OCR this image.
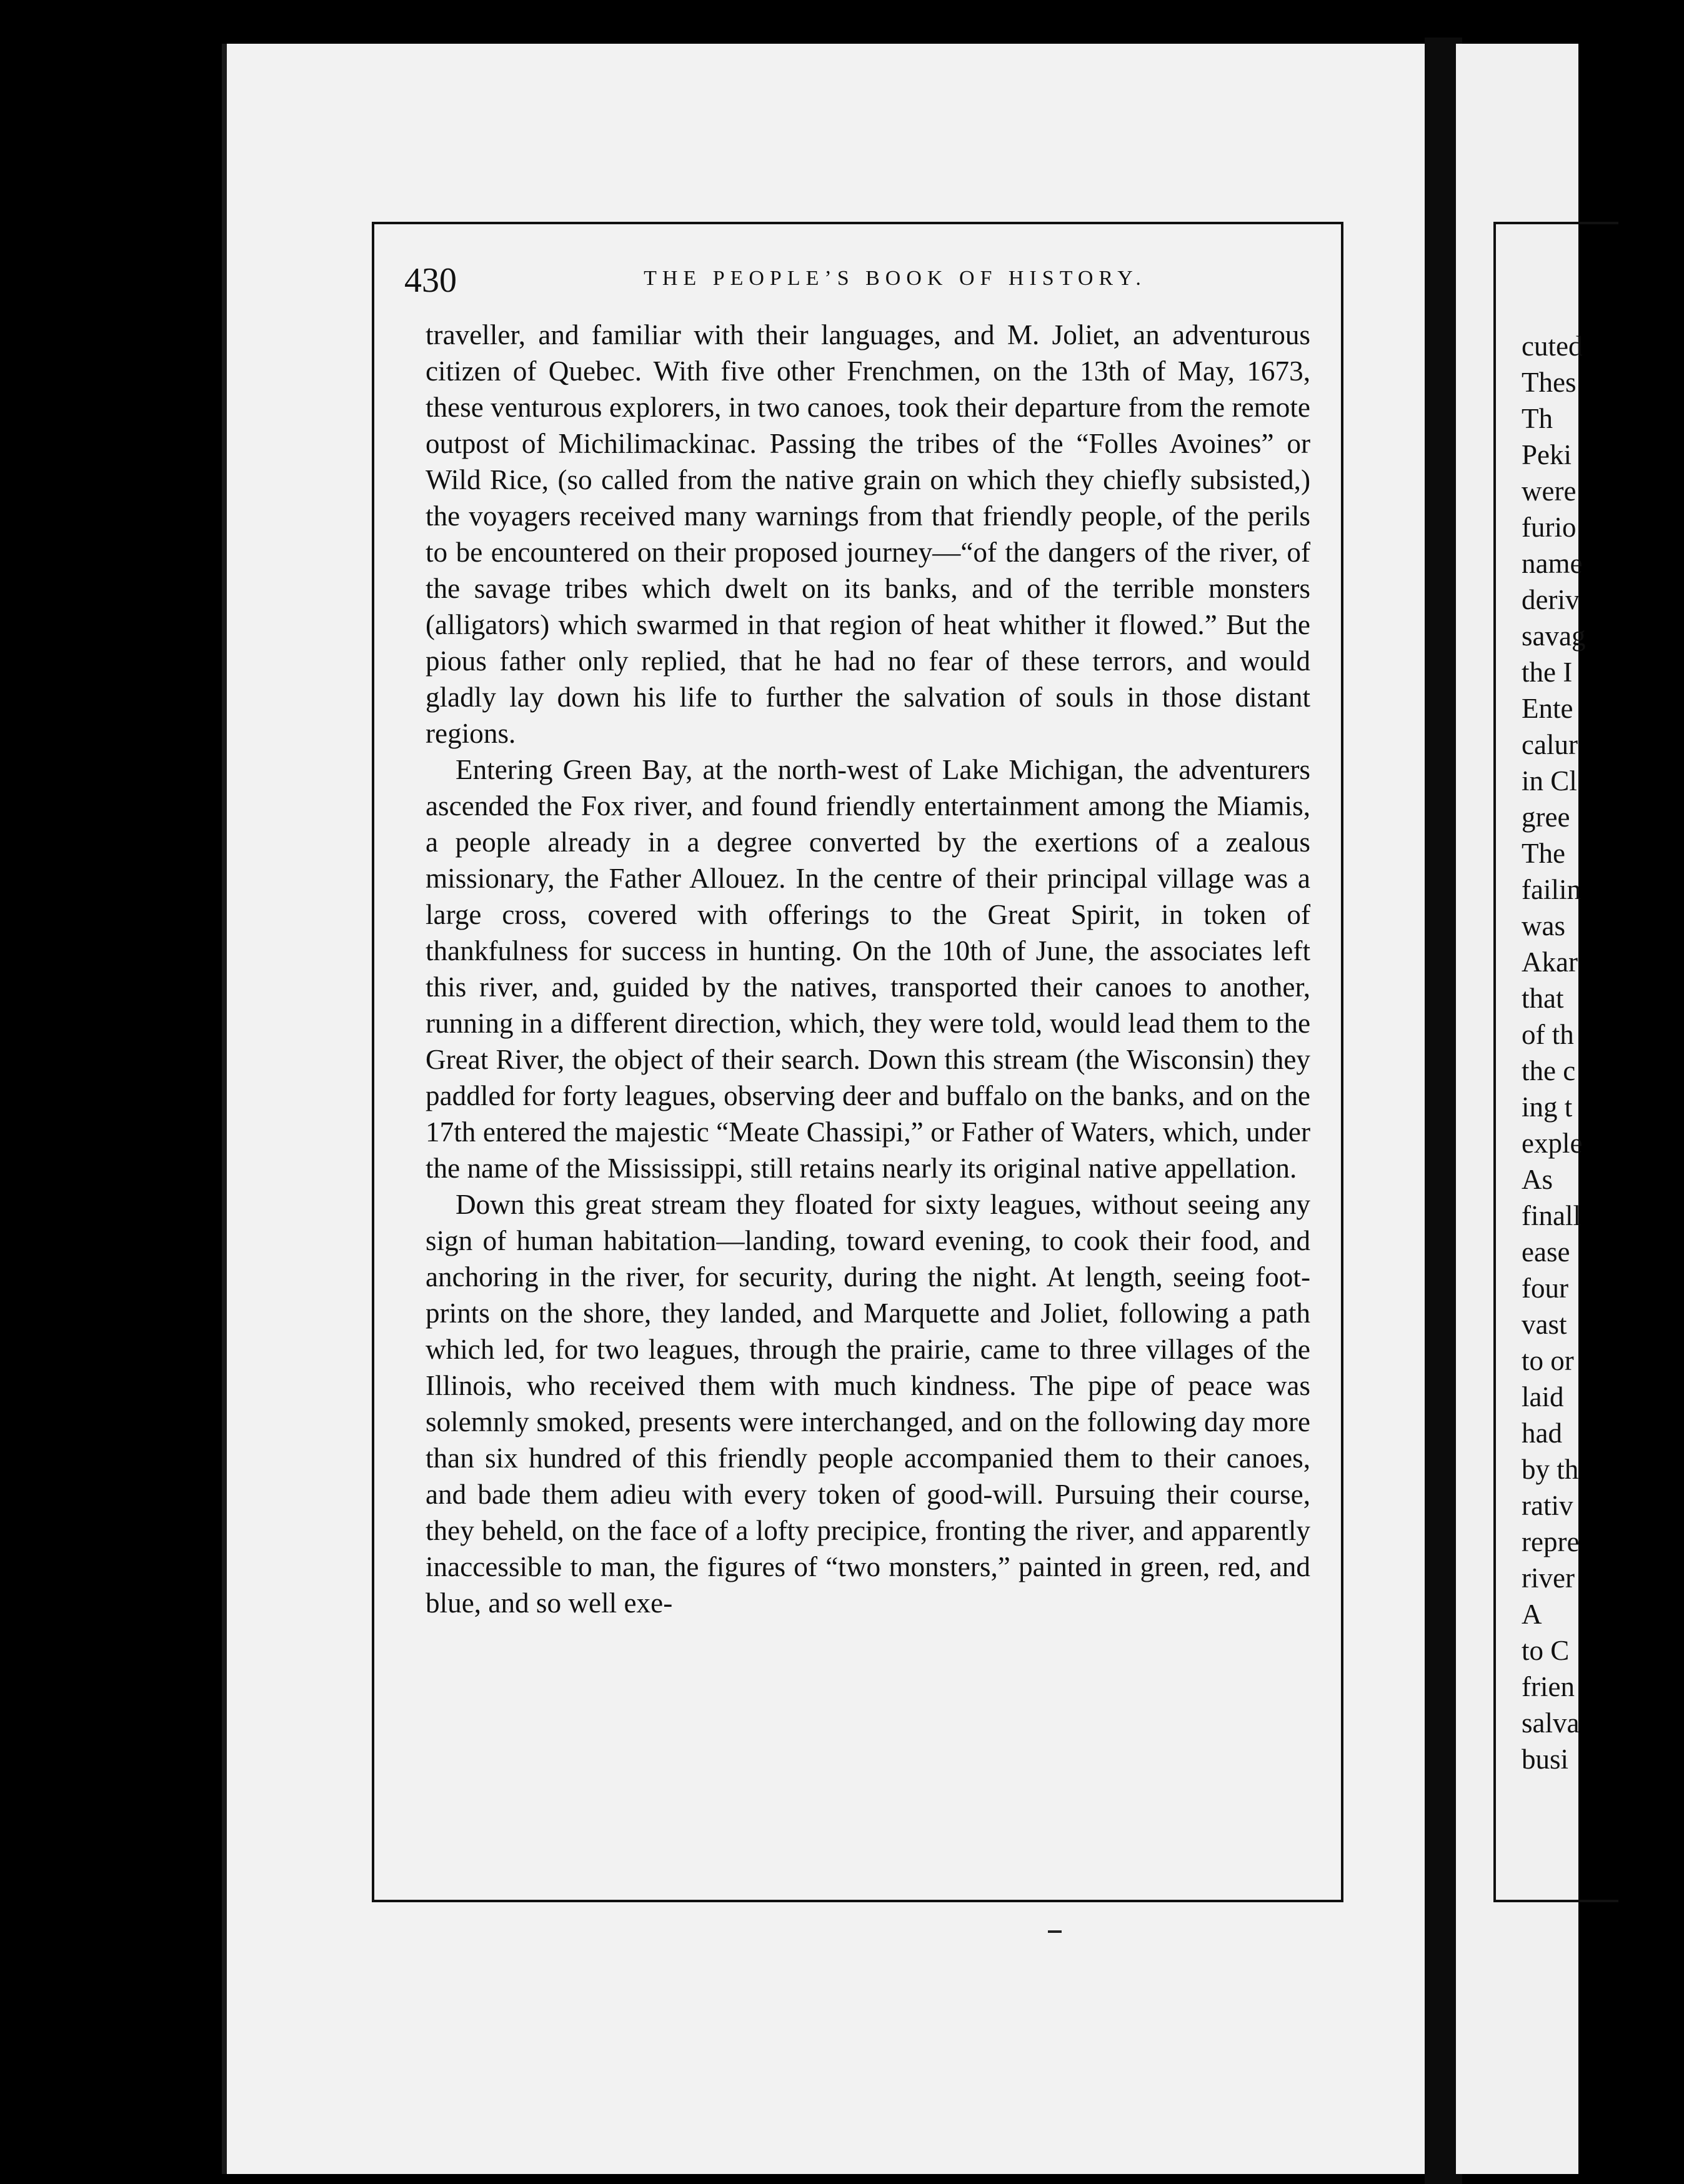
430	THE PEOPLE’S BOOK OF HISTORY.

traveller, and familiar with their languages, and M. Joliet, an adventurous citizen of Quebec. With five other Frenchmen, on the 13th of May, 1673, these venturous explorers, in two canoes, took their departure from the remote outpost of Michilimackinac. Passing the tribes of the “Folles Avoines” or Wild Rice, (so called from the native grain on which they chiefly subsisted,) the voyagers received many warnings from that friendly people, of the perils to be encountered on their proposed journey—“of the dangers of the river, of the savage tribes which dwelt on its banks, and of the terrible monsters (alligators) which swarmed in that region of heat whither it flowed.” But the pious father only replied, that he had no fear of these terrors, and would gladly lay down his life to further the salvation of souls in those distant regions.

Entering Green Bay, at the north-west of Lake Michigan, the adventurers ascended the Fox river, and found friendly entertainment among the Miamis, a people already in a degree converted by the exertions of a zealous missionary, the Father Allouez. In the centre of their principal village was a large cross, covered with offerings to the Great Spirit, in token of thankfulness for success in hunting. On the 10th of June, the associates left this river, and, guided by the natives, transported their canoes to another, running in a different direction, which, they were told, would lead them to the Great River, the object of their search. Down this stream (the Wisconsin) they paddled for forty leagues, observing deer and buffalo on the banks, and on the 17th entered the majestic “Meate Chassipi,” or Father of Waters, which, under the name of the Mississippi, still retains nearly its original native appellation.

Down this great stream they floated for sixty leagues, without seeing any sign of human habitation—landing, toward evening, to cook their food, and anchoring in the river, for security, during the night. At length, seeing foot-prints on the shore, they landed, and Marquette and Joliet, following a path which led, for two leagues, through the prairie, came to three villages of the Illinois, who received them with much kindness. The pipe of peace was solemnly smoked, presents were interchanged, and on the following day more than six hundred of this friendly people accompanied them to their canoes, and bade them adieu with every token of good-will. Pursuing their course, they beheld, on the face of a lofty precipice, fronting the river, and apparently inaccessible to man, the figures of “two monsters,” painted in green, red, and blue, and so well exe-

cuted
Thes
Th
Peki
were
furio
name
deriv
savag
the I
Ente
calur
in Cl
gree
The
failin
was
Akar
that
of th
the c
ing t
exple
As
finall
ease
four
vast
to or
laid
had
by th
rativ
repre
river
A
to C
frien
salva
busi
